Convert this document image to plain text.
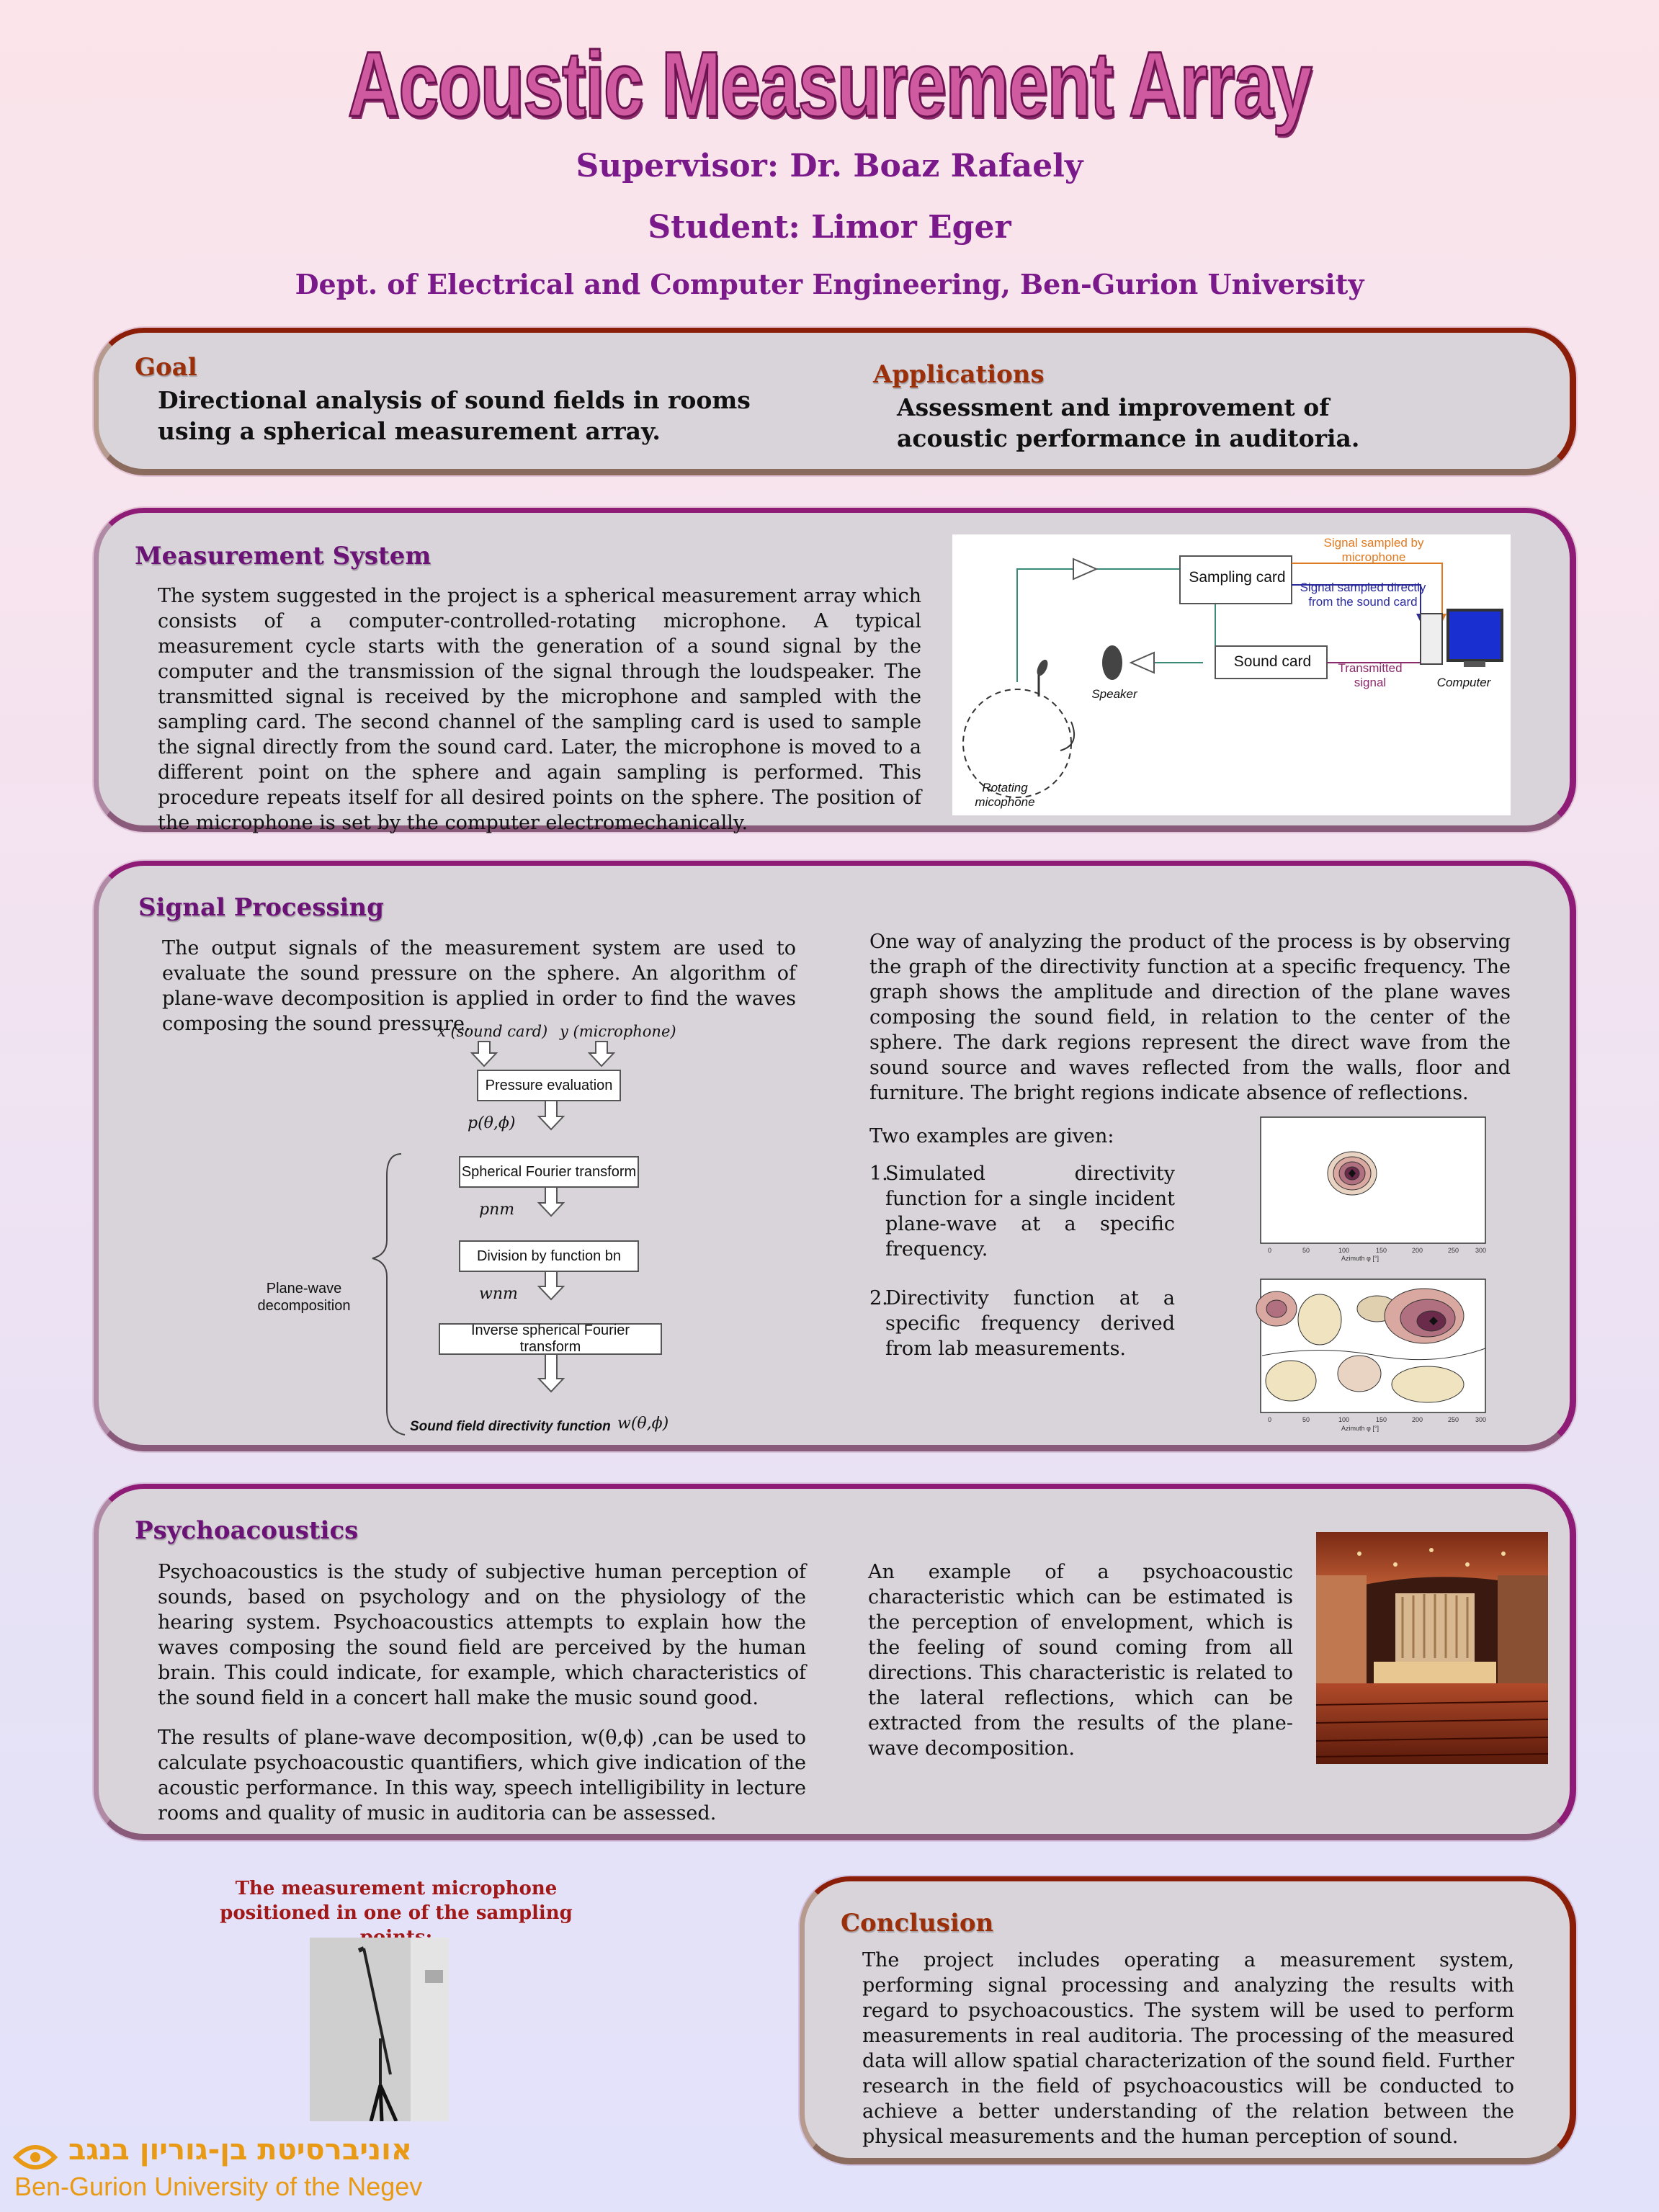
Acoustic Measurement Array
Supervisor: Dr. Boaz Rafaely
Student: Limor Eger
Dept. of Electrical and Computer Engineering, Ben-Gurion University
Goal
Directional analysis of sound fields in rooms using a spherical measurement array.
Applications
Assessment and improvement of acoustic performance in auditoria.
Measurement System
The system suggested in the project is a spherical measurement array which consists of a computer-controlled-rotating microphone. A typical measurement cycle starts with the generation of a sound signal by the computer and the transmission of the signal through the loudspeaker. The transmitted signal is received by the microphone and sampled with the sampling card. The second channel of the sampling card is used to sample the signal directly from the sound card. Later, the microphone is moved to a different point on the sphere and again sampling is performed. This procedure repeats itself for all desired points on the sphere. The position of the microphone is set by the computer electromechanically.
Sampling card
Sound card
Signal sampled by microphone
Signal sampled directly from the sound card
Transmitted signal	Computer
Speaker
Rotating micophone
Signal Processing
The output signals of the measurement system are used to evaluate the sound pressure on the sphere. An algorithm of plane-wave decomposition is applied in order to find the waves composing the sound pressure.
x (sound card) y (microphone)
Pressure evaluation
p(θ,ϕ)
Spherical Fourier transform
pnm
Division by function bn
wnm
Inverse spherical Fourier transform
Plane-wave decomposition
Sound field directivity function w(θ,ϕ)
One way of analyzing the product of the process is by observing the graph of the directivity function at a specific frequency. The graph shows the amplitude and direction of the plane waves composing the sound field, in relation to the center of the sphere. The dark regions represent the direct wave from the sound source and waves reflected from the walls, floor and furniture. The bright regions indicate absence of reflections.
Two examples are given:
1.
Simulated directivity function for a single incident plane-wave at a specific frequency.
2.
Directivity function at a specific frequency derived from lab measurements.
0	50	100	150	200	250	300
Azimuth φ [°]
0	50	100	150	200	250	300
Azimuth φ [°]
Psychoacoustics
Psychoacoustics is the study of subjective human perception of sounds, based on psychology and on the physiology of the hearing system. Psychoacoustics attempts to explain how the waves composing the sound field are perceived by the human brain. This could indicate, for example, which characteristics of the sound field in a concert hall make the music sound good.
The results of plane-wave decomposition, w(θ,ϕ) ,can be used to calculate psychoacoustic quantifiers, which give indication of the acoustic performance. In this way, speech intelligibility in lecture rooms and quality of music in auditoria can be assessed.
An example of a psychoacoustic characteristic which can be estimated is the perception of envelopment, which is the feeling of sound coming from all directions. This characteristic is related to the lateral reflections, which can be extracted from the results of the plane-wave decomposition.
The measurement microphone positioned in one of the sampling	Conclusion
The project includes operating a measurement system, performing signal processing and analyzing the results with regard to psychoacoustics. The system will be used to perform measurements in real auditoria. The processing of the measured data will allow spatial characterization of the sound field. Further research in the field of psychoacoustics will be conducted to achieve a better understanding of the relation between the physical measurements and the human perception of sound.
אוניברסיטת בן-גוריון בנגב
Ben-Gurion University of the Negev
